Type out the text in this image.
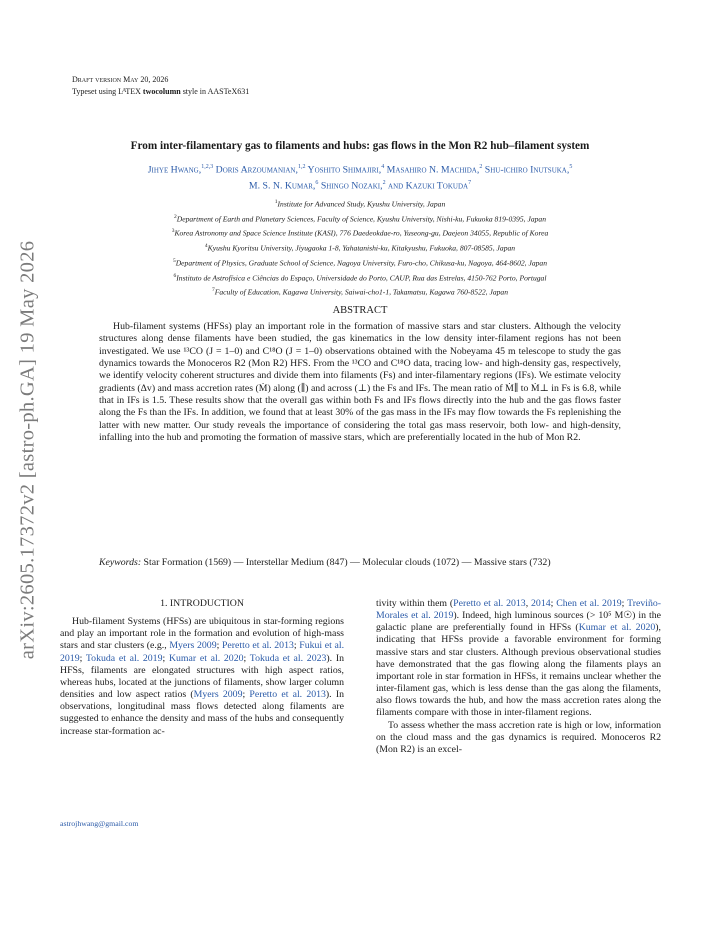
arXiv:2605.17372v2 [astro-ph.GA] 19 May 2026
Draft version May 20, 2026
Typeset using $L^ATEX$ twocolumn style in AASTeX631
From inter-filamentary gas to filaments and hubs: gas flows in the Mon R2 hub–filament system
Jihye Hwang,$^{1,2,3}$ Doris Arzoumanian,$^{1,2}$ Yoshito Shimajiri,$^4$ Masahiro N. Machida,$^2$ Shu-ichiro Inutsuka,$^5$
M. S. N. Kumar,$^6$ Shingo Nozaki,$^2$ and Kazuki Tokuda$^7$
$^1$Institute for Advanced Study, Kyushu University, Japan
$^2$Department of Earth and Planetary Sciences, Faculty of Science, Kyushu University, Nishi-ku, Fukuoka 819-0395, Japan
$^3$Korea Astronomy and Space Science Institute (KASI), 776 Daedeokdae-ro, Yuseong-gu, Daejeon 34055, Republic of Korea
$^4$Kyushu Kyoritsu University, Jiyugaoka 1-8, Yahatanishi-ku, Kitakyushu, Fukuoka, 807-08585, Japan
$^5$Department of Physics, Graduate School of Science, Nagoya University, Furo-cho, Chikusa-ku, Nagoya, 464-8602, Japan
$^6$Instituto de Astrofísica e Ciências do Espaço, Universidade do Porto, CAUP, Rua das Estrelas, 4150-762 Porto, Portugal
$^7$Faculty of Education, Kagawa University, Saiwai-cho1-1, Takamatsu, Kagawa 760-8522, Japan
ABSTRACT
Hub-filament systems (HFSs) play an important role in the formation of massive stars and star clusters. Although the velocity structures along dense filaments have been studied, the gas kinematics in the low density inter-filament regions has not been investigated. We use ¹³CO (J = 1–0) and C¹⁸O (J = 1–0) observations obtained with the Nobeyama 45 m telescope to study the gas dynamics towards the Monoceros R2 (Mon R2) HFS. From the ¹³CO and C¹⁸O data, tracing low- and high-density gas, respectively, we identify velocity coherent structures and divide them into filaments (Fs) and inter-filamentary regions (IFs). We estimate velocity gradients (Δv) and mass accretion rates (Ṁ) along (∥) and across (⊥) the Fs and IFs. The mean ratio of Ṁ∥ to Ṁ⊥ in Fs is 6.8, while that in IFs is 1.5. These results show that the overall gas within both Fs and IFs flows directly into the hub and the gas flows faster along the Fs than the IFs. In addition, we found that at least 30% of the gas mass in the IFs may flow towards the Fs replenishing the latter with new matter. Our study reveals the importance of considering the total gas mass reservoir, both low- and high-density, infalling into the hub and promoting the formation of massive stars, which are preferentially located in the hub of Mon R2.
Keywords: Star Formation (1569) — Interstellar Medium (847) — Molecular clouds (1072) — Massive stars (732)
1. INTRODUCTION

Hub-filament Systems (HFSs) are ubiquitous in star-forming regions and play an important role in the formation and evolution of high-mass stars and star clusters (e.g., Myers 2009; Peretto et al. 2013; Fukui et al. 2019; Tokuda et al. 2019; Kumar et al. 2020; Tokuda et al. 2023). In HFSs, filaments are elongated structures with high aspect ratios, whereas hubs, located at the junctions of filaments, show larger column densities and low aspect ratios (Myers 2009; Peretto et al. 2013). In observations, longitudinal mass flows detected along filaments are suggested to enhance the density and mass of the hubs and consequently increase star-formation ac-

tivity within them (Peretto et al. 2013, 2014; Chen et al. 2019; Treviño-Morales et al. 2019). Indeed, high luminous sources (> 10⁵ M☉) in the galactic plane are preferentially found in HFSs (Kumar et al. 2020), indicating that HFSs provide a favorable environment for forming massive stars and star clusters. Although previous observational studies have demonstrated that the gas flowing along the filaments plays an important role in star formation in HFSs, it remains unclear whether the inter-filament gas, which is less dense than the gas along the filaments, also flows towards the hub, and how the mass accretion rates along the filaments compare with those in inter-filament regions.

To assess whether the mass accretion rate is high or low, information on the cloud mass and the gas dynamics is required. Monoceros R2 (Mon R2) is an excel-

astrojhwang@gmail.com
